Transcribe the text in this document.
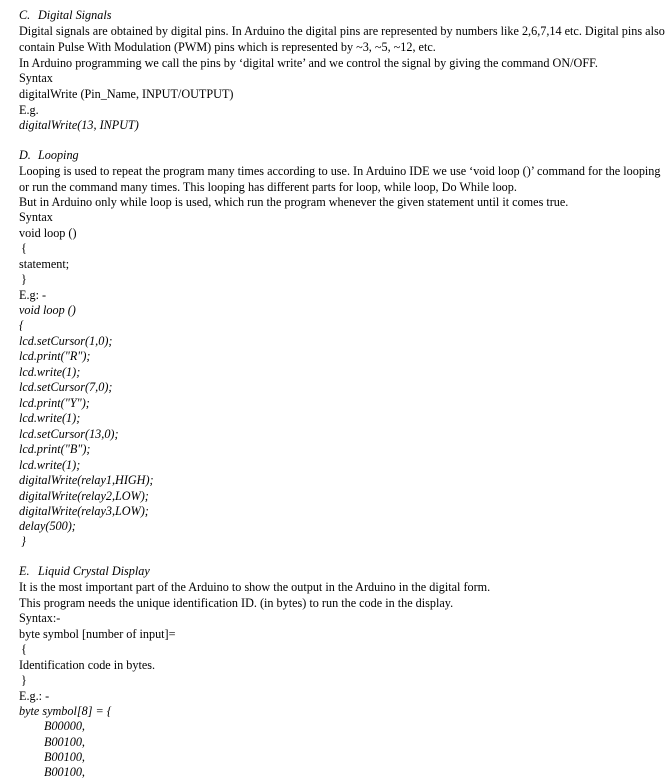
C. Digital Signals
Digital signals are obtained by digital pins. In Arduino the digital pins are represented by numbers like 2,6,7,14 etc. Digital pins also
contain Pulse With Modulation (PWM) pins which is represented by ~3, ~5, ~12, etc.
In Arduino programming we call the pins by ‘digital write’ and we control the signal by giving the command ON/OFF.
Syntax
digitalWrite (Pin_Name, INPUT/OUTPUT)
E.g.
digitalWrite(13, INPUT)
D. Looping
Looping is used to repeat the program many times according to use. In Arduino IDE we use ‘void loop ()’ command for the looping
or run the command many times. This looping has different parts for loop, while loop, Do While loop.
But in Arduino only while loop is used, which run the program whenever the given statement until it comes true.
Syntax
void loop ()
{
statement;
}
E.g: -
void loop ()
{
lcd.setCursor(1,0);
lcd.print("R");
lcd.write(1);
lcd.setCursor(7,0);
lcd.print("Y");
lcd.write(1);
lcd.setCursor(13,0);
lcd.print("B");
lcd.write(1);
digitalWrite(relay1,HIGH);
digitalWrite(relay2,LOW);
digitalWrite(relay3,LOW);
delay(500);
}
E. Liquid Crystal Display
It is the most important part of the Arduino to show the output in the Arduino in the digital form.
This program needs the unique identification ID. (in bytes) to run the code in the display.
Syntax:-
byte symbol [number of input]=
{
Identification code in bytes.
}
E.g.: -
byte symbol[8] = {
B00000,
B00100,
B00100,
B00100,
